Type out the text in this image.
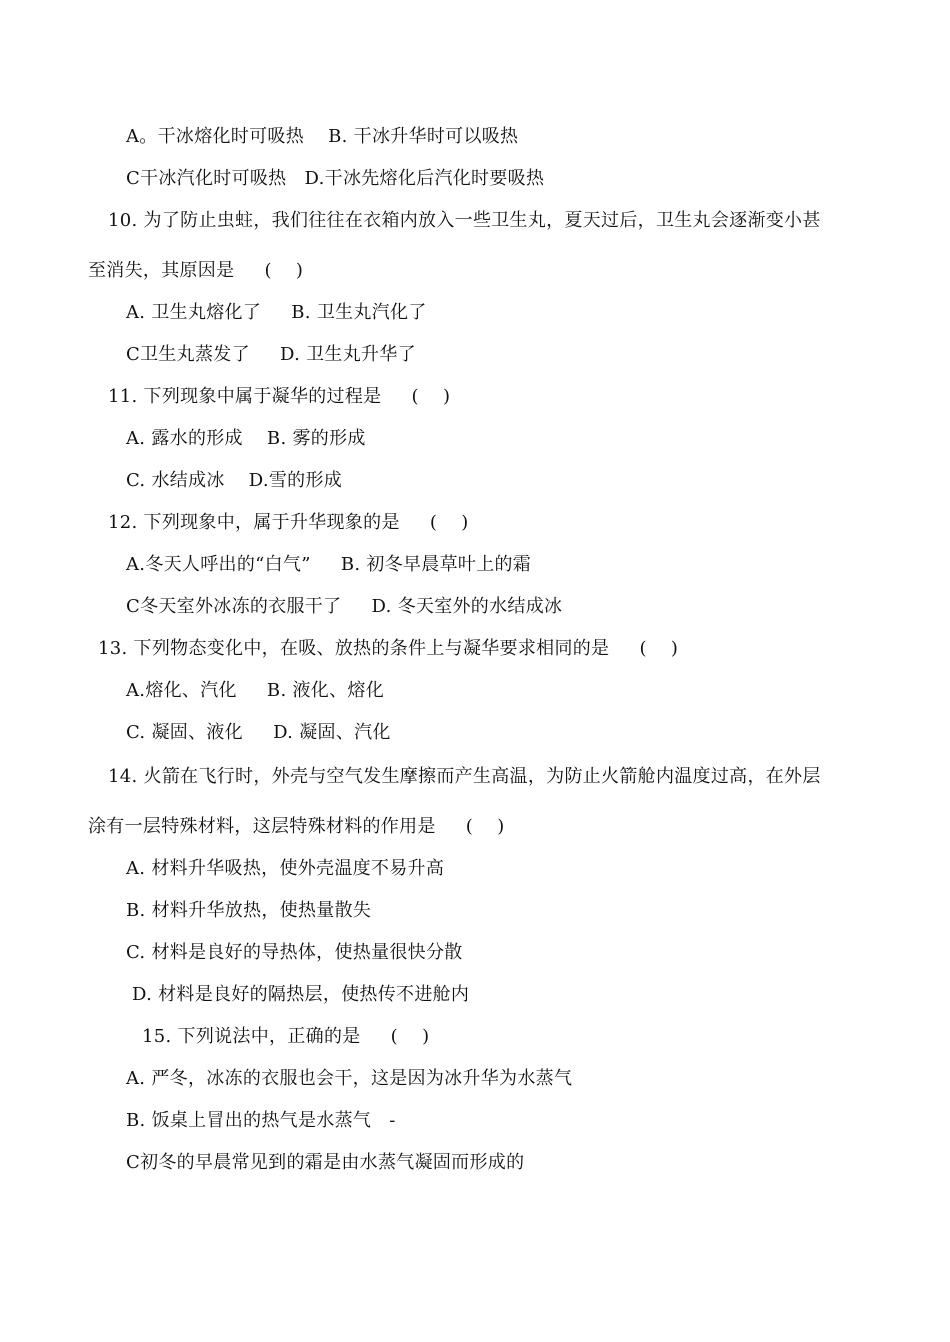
A。干冰熔化时可吸热    B. 干冰升华时可以吸热
C干冰汽化时可吸热   D.干冰先熔化后汽化时要吸热
10. 为了防止虫蛀，我们往往在衣箱内放入一些卫生丸，夏天过后，卫生丸会逐渐变小甚
至消失，其原因是     (    )
A. 卫生丸熔化了     B. 卫生丸汽化了
C卫生丸蒸发了     D. 卫生丸升华了
11. 下列现象中属于凝华的过程是     (    )
A. 露水的形成    B. 雾的形成
C. 水结成冰    D.雪的形成
12. 下列现象中，属于升华现象的是     (    )
A.冬天人呼出的“白气”     B. 初冬早晨草叶上的霜
C冬天室外冰冻的衣服干了     D. 冬天室外的水结成冰
13. 下列物态变化中，在吸、放热的条件上与凝华要求相同的是     (    )
A.熔化、汽化     B. 液化、熔化
C. 凝固、液化     D. 凝固、汽化
14. 火箭在飞行时，外壳与空气发生摩擦而产生高温，为防止火箭舱内温度过高，在外层
涂有一层特殊材料，这层特殊材料的作用是     (    )
A. 材料升华吸热，使外壳温度不易升高
B. 材料升华放热，使热量散失
C. 材料是良好的导热体，使热量很快分散
D. 材料是良好的隔热层，使热传不进舱内
15. 下列说法中，正确的是     (    )
A. 严冬，冰冻的衣服也会干，这是因为冰升华为水蒸气
B. 饭桌上冒出的热气是水蒸气   -
C初冬的早晨常见到的霜是由水蒸气凝固而形成的
